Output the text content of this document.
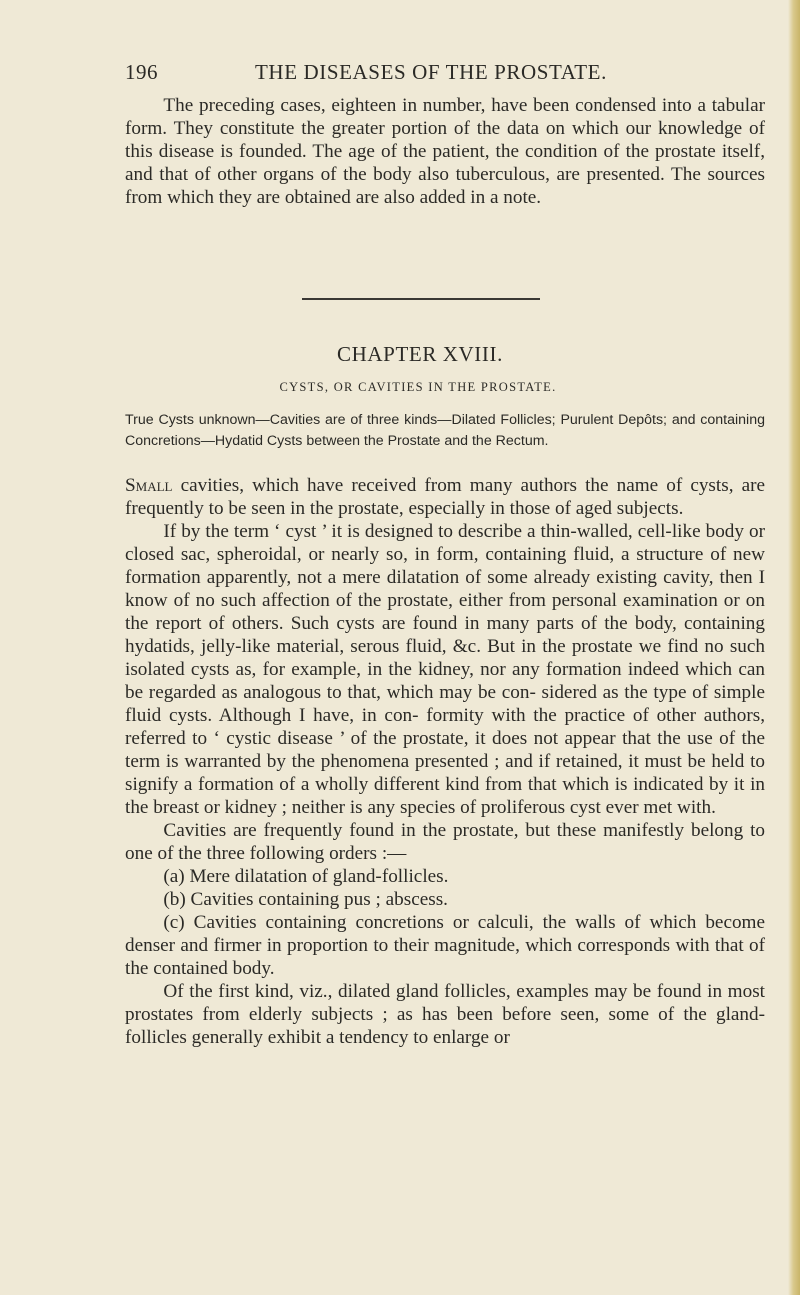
196	THE DISEASES OF THE PROSTATE.

The preceding cases, eighteen in number, have been condensed into a tabular form. They constitute the greater portion of the data on which our knowledge of this disease is founded. The age of the patient, the condition of the prostate itself, and that of other organs of the body also tuberculous, are presented. The sources from which they are obtained are also added in a note.

CHAPTER XVIII.
CYSTS, OR CAVITIES IN THE PROSTATE.

True Cysts unknown—Cavities are of three kinds—Dilated Follicles; Purulent Depôts; and containing Concretions—Hydatid Cysts between the Prostate and the Rectum.

Small cavities, which have received from many authors the name of cysts, are frequently to be seen in the prostate, especially in those of aged subjects.

If by the term ‘ cyst ’ it is designed to describe a thin-walled, cell-like body or closed sac, spheroidal, or nearly so, in form, containing fluid, a structure of new formation apparently, not a mere dilatation of some already existing cavity, then I know of no such affection of the prostate, either from personal examination or on the report of others. Such cysts are found in many parts of the body, containing hydatids, jelly-like material, serous fluid, &c. But in the prostate we find no such isolated cysts as, for example, in the kidney, nor any formation indeed which can be regarded as analogous to that, which may be con- sidered as the type of simple fluid cysts. Although I have, in con- formity with the practice of other authors, referred to ‘ cystic disease ’ of the prostate, it does not appear that the use of the term is warranted by the phenomena presented ; and if retained, it must be held to signify a formation of a wholly different kind from that which is indicated by it in the breast or kidney ; neither is any species of proliferous cyst ever met with.

Cavities are frequently found in the prostate, but these manifestly belong to one of the three following orders :—

(a) Mere dilatation of gland-follicles.

(b) Cavities containing pus ; abscess.

(c) Cavities containing concretions or calculi, the walls of which become denser and firmer in proportion to their magnitude, which corresponds with that of the contained body.

Of the first kind, viz., dilated gland follicles, examples may be found in most prostates from elderly subjects ; as has been before seen, some of the gland-follicles generally exhibit a tendency to enlarge or
